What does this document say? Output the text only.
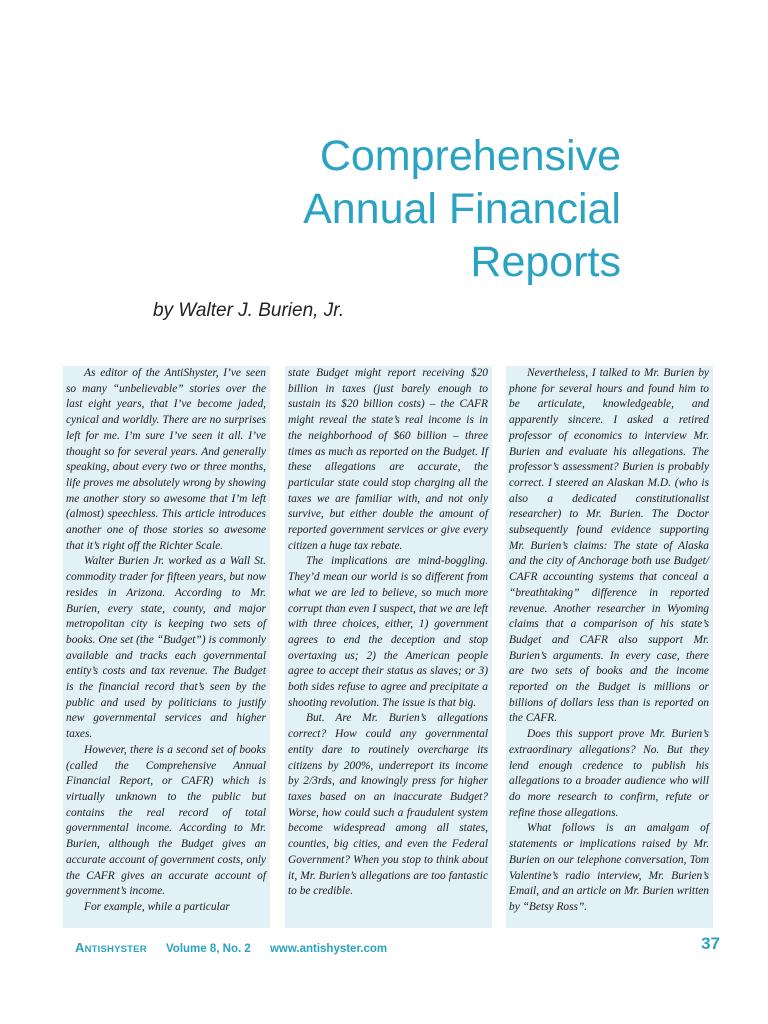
Comprehensive
Annual Financial
Reports
by Walter J. Burien, Jr.

As editor of the AntiShyster, I’ve seen so many “unbelievable” stories over the last eight years, that I’ve become jaded, cynical and worldly. There are no surprises left for me. I’m sure I’ve seen it all. I’ve thought so for several years. And generally speaking, about every two or three months, life proves me absolutely wrong by showing me another story so awesome that I’m left (almost) speechless. This article introduces another one of those stories so awesome that it’s right off the Richter Scale.

Walter Burien Jr. worked as a Wall St. commodity trader for fifteen years, but now resides in Arizona. According to Mr. Burien, every state, county, and major metropolitan city is keeping two sets of books. One set (the “Budget”) is commonly available and tracks each governmental entity’s costs and tax revenue. The Budget is the financial record that’s seen by the public and used by politicians to justify new governmental services and higher taxes.

However, there is a second set of books (called the Comprehensive Annual Financial Report, or CAFR) which is virtually unknown to the public but contains the real record of total governmental income. According to Mr. Burien, although the Budget gives an accurate account of government costs, only the CAFR gives an accurate account of government’s income.

For example, while a particular

state Budget might report receiving $20 billion in taxes (just barely enough to sustain its $20 billion costs) – the CAFR might reveal the state’s real income is in the neighborhood of $60 billion – three times as much as reported on the Budget. If these allegations are accurate, the particular state could stop charging all the taxes we are familiar with, and not only survive, but either double the amount of reported government services or give every citizen a huge tax rebate.

The implications are mind-boggling. They’d mean our world is so different from what we are led to believe, so much more corrupt than even I suspect, that we are left with three choices, either, 1) government agrees to end the deception and stop overtaxing us; 2) the American people agree to accept their status as slaves; or 3) both sides refuse to agree and precipitate a shooting revolution. The issue is that big.

But. Are Mr. Burien’s allegations correct? How could any governmental entity dare to routinely overcharge its citizens by 200%, underreport its income by 2/3rds, and knowingly press for higher taxes based on an inaccurate Budget? Worse, how could such a fraudulent system become widespread among all states, counties, big cities, and even the Federal Government? When you stop to think about it, Mr. Burien’s allegations are too fantastic to be credible.

Nevertheless, I talked to Mr. Burien by phone for several hours and found him to be articulate, knowledgeable, and apparently sincere. I asked a retired professor of economics to interview Mr. Burien and evaluate his allegations. The professor’s assessment? Burien is probably correct. I steered an Alaskan M.D. (who is also a dedicated constitutionalist researcher) to Mr. Burien. The Doctor subsequently found evidence supporting Mr. Burien’s claims: The state of Alaska and the city of Anchorage both use Budget/ CAFR accounting systems that conceal a “breathtaking” difference in reported revenue. Another researcher in Wyoming claims that a comparison of his state’s Budget and CAFR also support Mr. Burien’s arguments. In every case, there are two sets of books and the income reported on the Budget is millions or billions of dollars less than is reported on the CAFR.

Does this support prove Mr. Burien’s extraordinary allegations? No. But they lend enough credence to publish his allegations to a broader audience who will do more research to confirm, refute or refine those allegations.

What follows is an amalgam of statements or implications raised by Mr. Burien on our telephone conversation, Tom Valentine’s radio interview, Mr. Burien’s Email, and an article on Mr. Burien written by “Betsy Ross”.

ANTISHYSTER Volume 8, No. 2 www.antishyster.com	37
